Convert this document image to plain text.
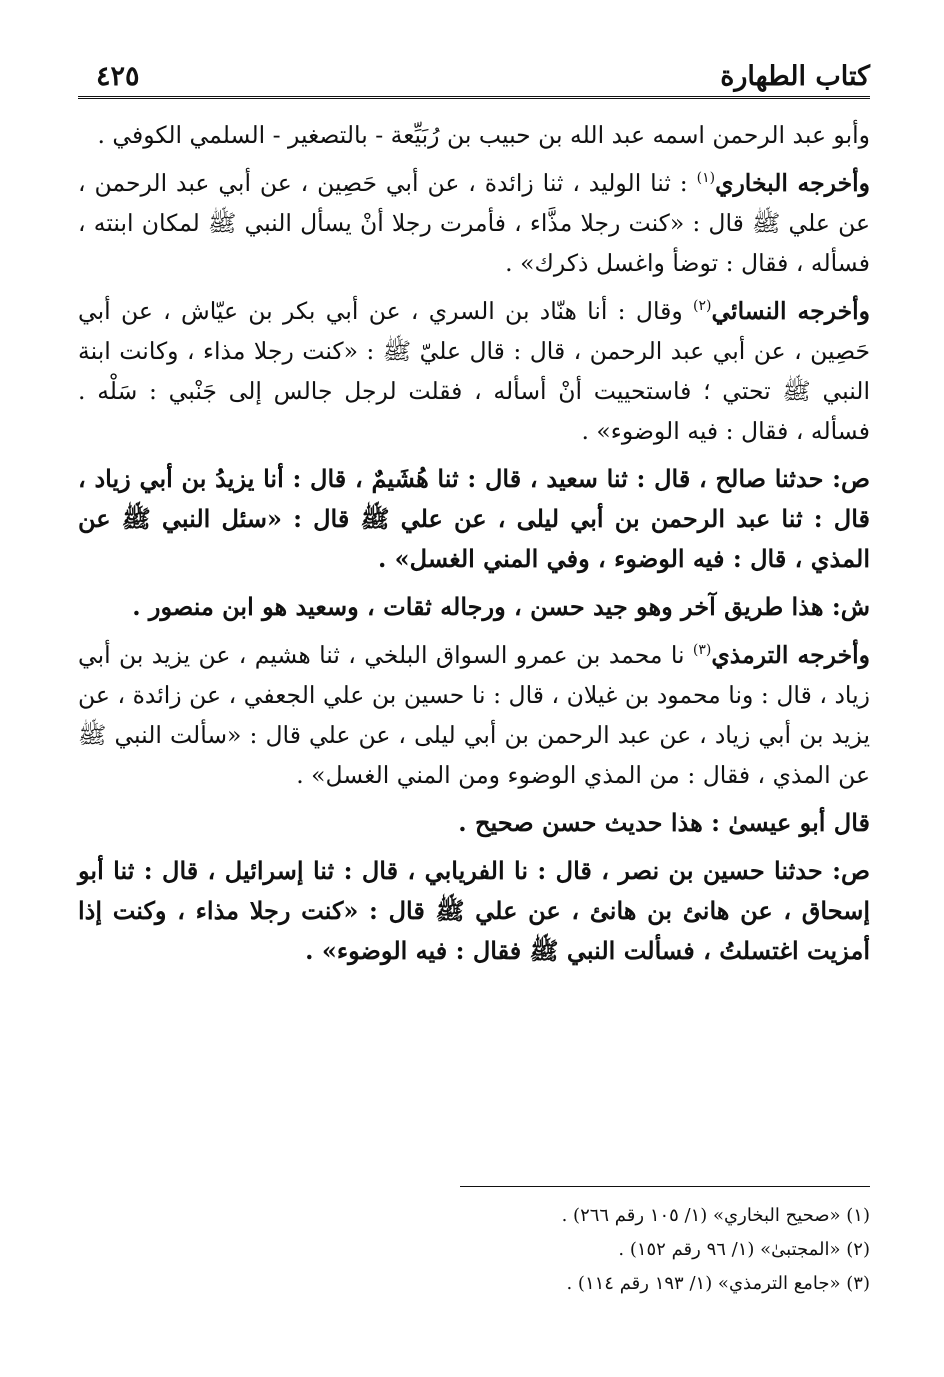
كتاب الطهارة
٤٢٥

وأبو عبد الرحمن اسمه عبد الله بن حبيب بن رُبَيِّعة - بالتصغير - السلمي الكوفي .

وأخرجه البخاري$^{(١)}$ : ثنا الوليد ، ثنا زائدة ، عن أبي حَصِين ، عن أبي عبد الرحمن ، عن علي ﷺ قال : «كنت رجلا مذَّاء ، فأمرت رجلا أنْ يسأل النبي ﷺ لمكان ابنته ، فسأله ، فقال : توضأ واغسل ذكرك» .

وأخرجه النسائي$^{(٢)}$ وقال : أنا هنّاد بن السري ، عن أبي بكر بن عيّاش ، عن أبي حَصِين ، عن أبي عبد الرحمن ، قال : قال عليّ ﷺ : «كنت رجلا مذاء ، وكانت ابنة النبي ﷺ تحتي ؛ فاستحييت أنْ أسأله ، فقلت لرجل جالس إلى جَنْبي : سَلْه . فسأله ، فقال : فيه الوضوء» .

ص: حدثنا صالح ، قال : ثنا سعيد ، قال : ثنا هُشَيمٌ ، قال : أنا يزيدُ بن أبي زياد ، قال : ثنا عبد الرحمن بن أبي ليلى ، عن علي ﷺ قال : «سئل النبي ﷺ عن المذي ، قال : فيه الوضوء ، وفي المني الغسل» .

ش: هذا طريق آخر وهو جيد حسن ، ورجاله ثقات ، وسعيد هو ابن منصور .

وأخرجه الترمذي$^{(٣)}$ نا محمد بن عمرو السواق البلخي ، ثنا هشيم ، عن يزيد بن أبي زياد ، قال : ونا محمود بن غيلان ، قال : نا حسين بن علي الجعفي ، عن زائدة ، عن يزيد بن أبي زياد ، عن عبد الرحمن بن أبي ليلى ، عن علي قال : «سألت النبي ﷺ عن المذي ، فقال : من المذي الوضوء ومن المني الغسل» .

قال أبو عيسىٰ : هذا حديث حسن صحيح .

ص: حدثنا حسين بن نصر ، قال : نا الفريابي ، قال : ثنا إسرائيل ، قال : ثنا أبو إسحاق ، عن هانئ بن هانئ ، عن علي ﷺ قال : «كنت رجلا مذاء ، وكنت إذا أمزيت اغتسلتُ ، فسألت النبي ﷺ فقال : فيه الوضوء» .

(١) «صحيح البخاري» (١/ ١٠٥ رقم ٢٦٦) .

(٢) «المجتبىٰ» (١/ ٩٦ رقم ١٥٢) .

(٣) «جامع الترمذي» (١/ ١٩٣ رقم ١١٤) .
